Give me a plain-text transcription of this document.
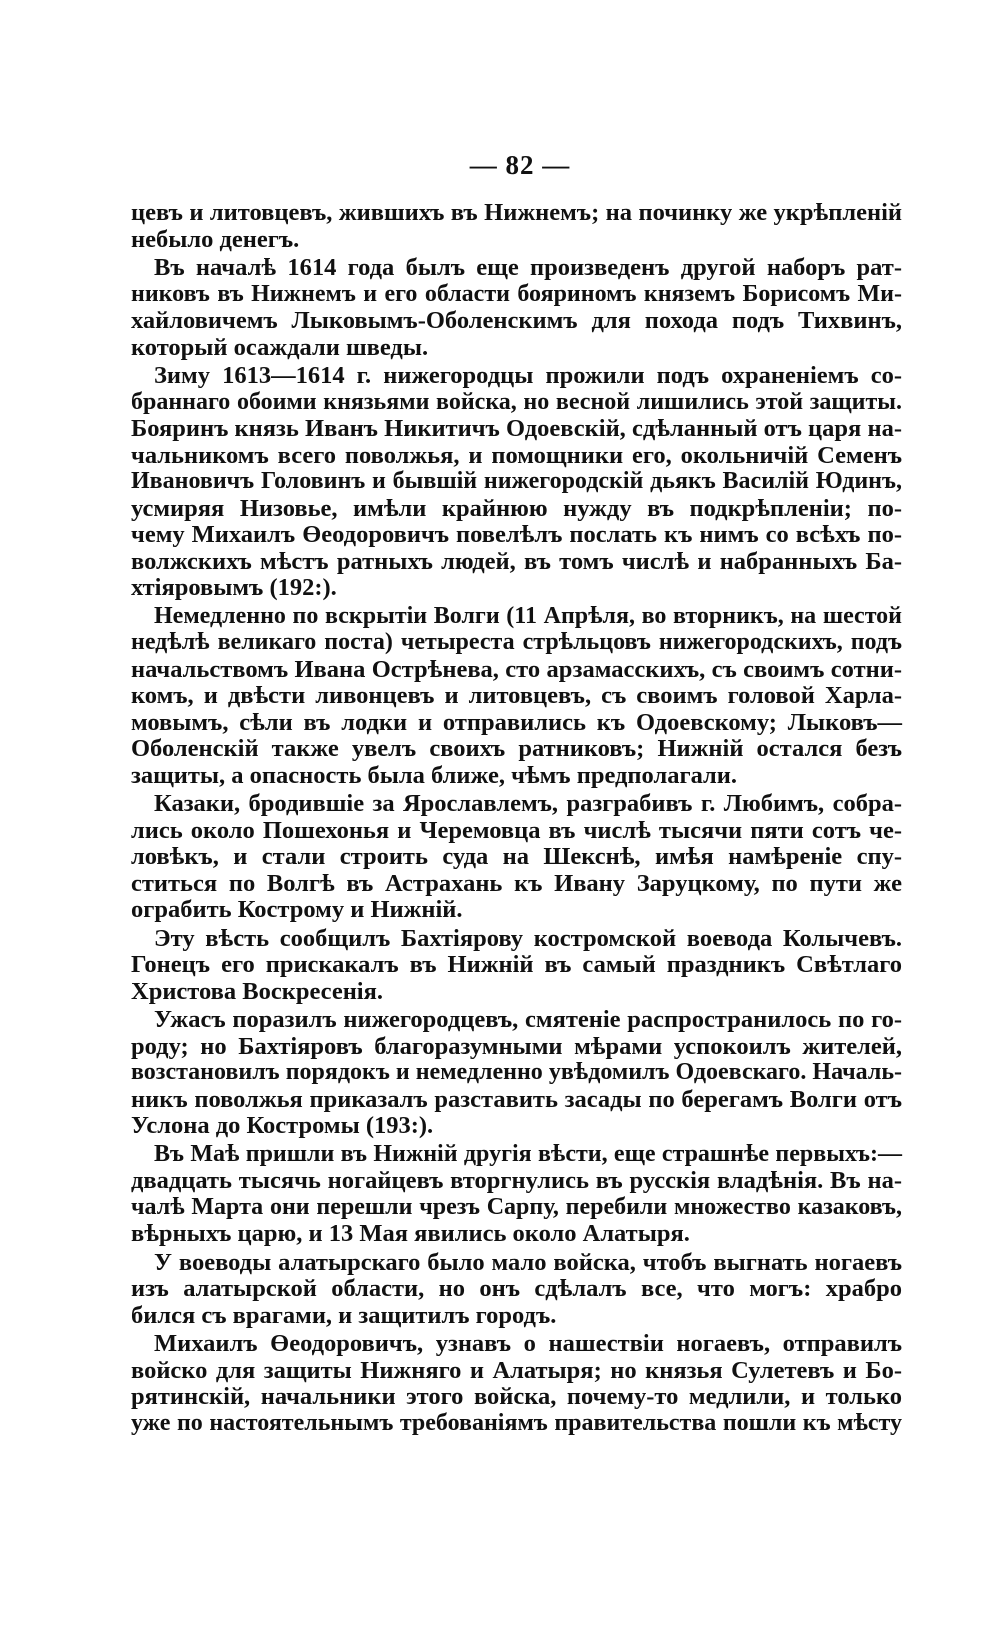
— 82 —
цевъ и литовцевъ, жившихъ въ Нижнемъ; на починку же укрѣпленій
небыло денегъ.
Въ началѣ 1614 года былъ еще произведенъ другой наборъ рат-
никовъ въ Нижнемъ и его области бояриномъ княземъ Борисомъ Ми-
хайловичемъ Лыковымъ-Оболенскимъ для похода подъ Тихвинъ,
который осаждали шведы.
Зиму 1613—1614 г. нижегородцы прожили подъ охраненіемъ со-
браннаго обоими князьями войска, но весной лишились этой защиты.
Бояринъ князь Иванъ Никитичъ Одоевскій, сдѣланный отъ царя на-
чальникомъ всего поволжья, и помощники его, окольничій Семенъ
Ивановичъ Головинъ и бывшій нижегородскій дьякъ Василій Юдинъ,
усмиряя Низовье, имѣли крайнюю нужду въ подкрѣпленіи; по-
чему Михаилъ Өеодоровичъ повелѣлъ послать къ нимъ со всѣхъ по-
волжскихъ мѣстъ ратныхъ людей, въ томъ числѣ и набранныхъ Ба-
хтіяровымъ (192:).
Немедленно по вскрытіи Волги (11 Апрѣля, во вторникъ, на шестой
недѣлѣ великаго поста) четыреста стрѣльцовъ нижегородскихъ, подъ
начальствомъ Ивана Острѣнева, сто арзамасскихъ, съ своимъ сотни-
комъ, и двѣсти ливонцевъ и литовцевъ, съ своимъ головой Харла-
мовымъ, сѣли въ лодки и отправились къ Одоевскому; Лыковъ—
Оболенскій также увелъ своихъ ратниковъ; Нижній остался безъ
защиты, а опасность была ближе, чѣмъ предполагали.
Казаки, бродившіе за Ярославлемъ, разграбивъ г. Любимъ, собра-
лись около Пошехонья и Черемовца въ числѣ тысячи пяти сотъ че-
ловѣкъ, и стали строить суда на Шекснѣ, имѣя намѣреніе спу-
ститься по Волгѣ въ Астрахань къ Ивану Заруцкому, по пути же
ограбить Кострому и Нижній.
Эту вѣсть сообщилъ Бахтіярову костромской воевода Колычевъ.
Гонецъ его прискакалъ въ Нижній въ самый праздникъ Свѣтлаго
Христова Воскресенія.
Ужасъ поразилъ нижегородцевъ, смятеніе распространилось по го-
роду; но Бахтіяровъ благоразумными мѣрами успокоилъ жителей,
возстановилъ порядокъ и немедленно увѣдомилъ Одоевскаго. Началь-
никъ поволжья приказалъ разставить засады по берегамъ Волги отъ
Услона до Костромы (193:).
Въ Маѣ пришли въ Нижній другія вѣсти, еще страшнѣе первыхъ:—
двадцать тысячь ногайцевъ вторгнулись въ русскія владѣнія. Въ на-
чалѣ Марта они перешли чрезъ Сарпу, перебили множество казаковъ,
вѣрныхъ царю, и 13 Мая явились около Алатыря.
У воеводы алатырскаго было мало войска, чтобъ выгнать ногаевъ
изъ алатырской области, но онъ сдѣлалъ все, что могъ: храбро
бился съ врагами, и защитилъ городъ.
Михаилъ Өеодоровичъ, узнавъ о нашествіи ногаевъ, отправилъ
войско для защиты Нижняго и Алатыря; но князья Сулетевъ и Бо-
рятинскій, начальники этого войска, почему-то медлили, и только
уже по настоятельнымъ требованіямъ правительства пошли къ мѣсту
